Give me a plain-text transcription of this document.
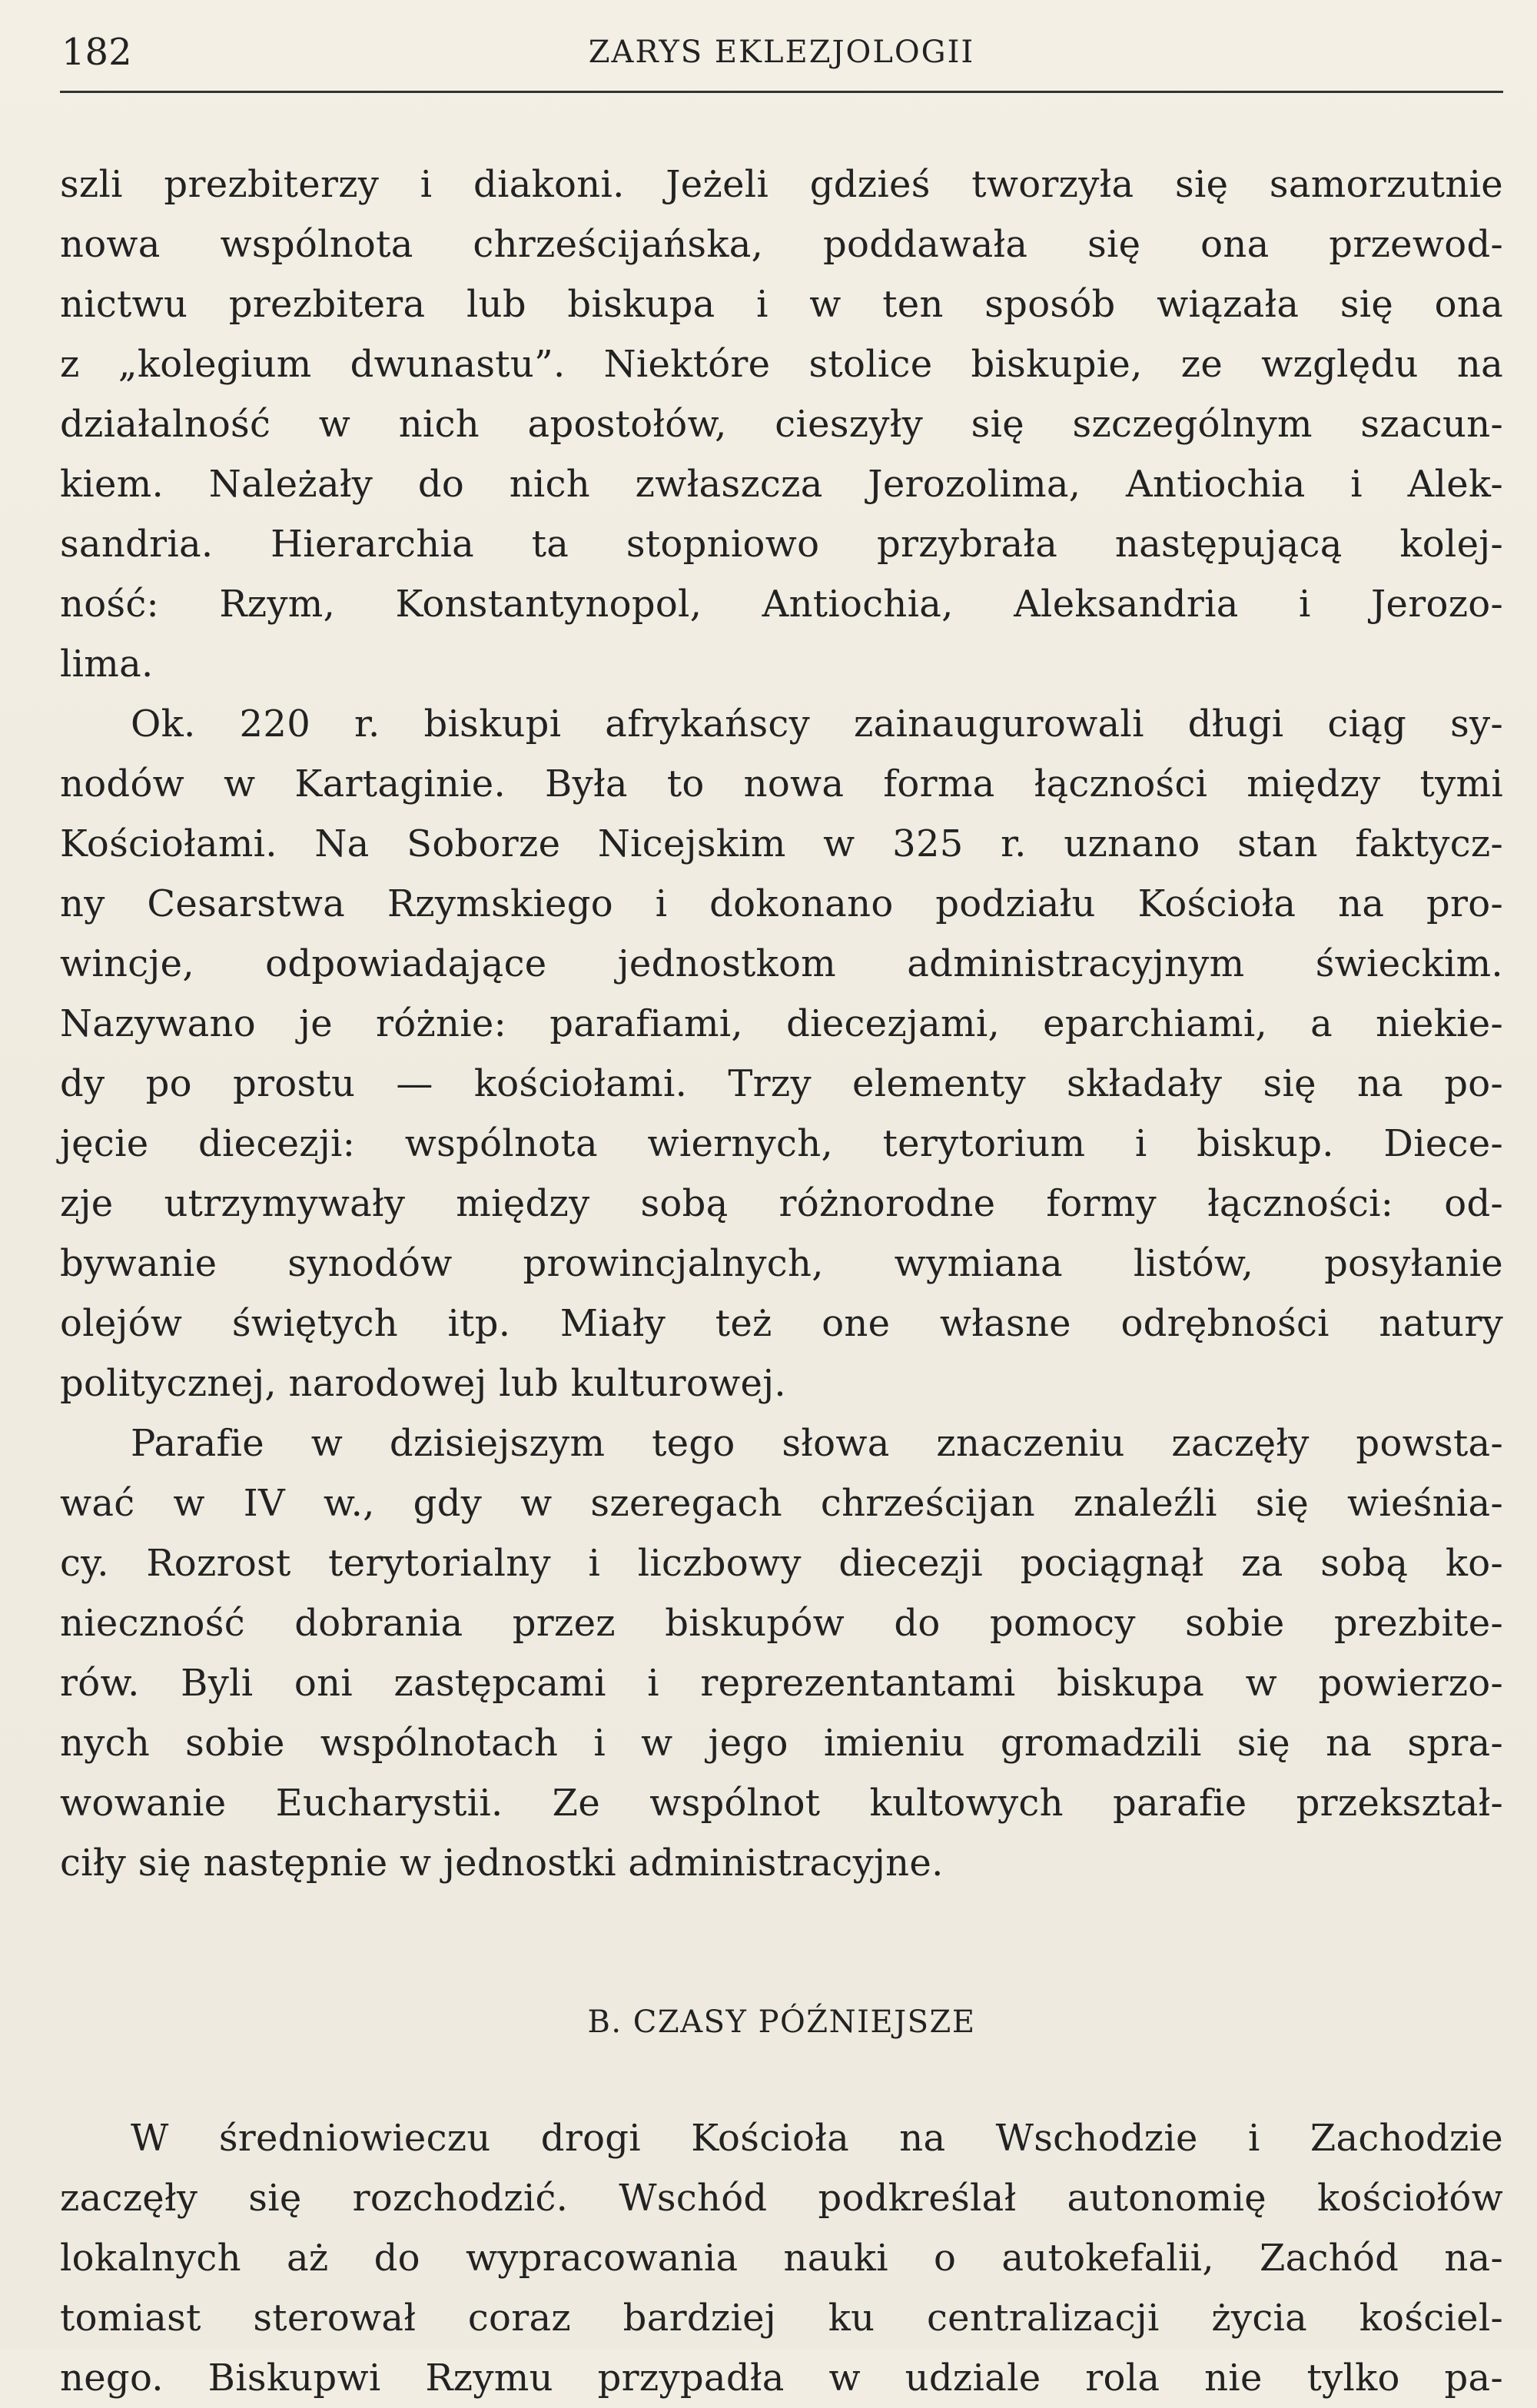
182	ZARYS EKLEZJOLOGII

szli prezbiterzy i diakoni. Jeżeli gdzieś tworzyła się samorzutnie

nowa wspólnota chrześcijańska, poddawała się ona przewod-

nictwu prezbitera lub biskupa i w ten sposób wiązała się ona

z „kolegium dwunastu”. Niektóre stolice biskupie, ze względu na

działalność w nich apostołów, cieszyły się szczególnym szacun-

kiem. Należały do nich zwłaszcza Jerozolima, Antiochia i Alek-

sandria. Hierarchia ta stopniowo przybrała następującą kolej-

ność: Rzym, Konstantynopol, Antiochia, Aleksandria i Jerozo-

lima.

Ok. 220 r. biskupi afrykańscy zainaugurowali długi ciąg sy-

nodów w Kartaginie. Była to nowa forma łączności między tymi

Kościołami. Na Soborze Nicejskim w 325 r. uznano stan faktycz-

ny Cesarstwa Rzymskiego i dokonano podziału Kościoła na pro-

wincje, odpowiadające jednostkom administracyjnym świeckim.

Nazywano je różnie: parafiami, diecezjami, eparchiami, a niekie-

dy po prostu — kościołami. Trzy elementy składały się na po-

jęcie diecezji: wspólnota wiernych, terytorium i biskup. Diece-

zje utrzymywały między sobą różnorodne formy łączności: od-

bywanie synodów prowincjalnych, wymiana listów, posyłanie

olejów świętych itp. Miały też one własne odrębności natury

politycznej, narodowej lub kulturowej.

Parafie w dzisiejszym tego słowa znaczeniu zaczęły powsta-

wać w IV w., gdy w szeregach chrześcijan znaleźli się wieśnia-

cy. Rozrost terytorialny i liczbowy diecezji pociągnął za sobą ko-

nieczność dobrania przez biskupów do pomocy sobie prezbite-

rów. Byli oni zastępcami i reprezentantami biskupa w powierzo-

nych sobie wspólnotach i w jego imieniu gromadzili się na spra-

wowanie Eucharystii. Ze wspólnot kultowych parafie przekształ-

ciły się następnie w jednostki administracyjne.

B. CZASY PÓŹNIEJSZE

W średniowieczu drogi Kościoła na Wschodzie i Zachodzie

zaczęły się rozchodzić. Wschód podkreślał autonomię kościołów

lokalnych aż do wypracowania nauki o autokefalii, Zachód na-

tomiast sterował coraz bardziej ku centralizacji życia kościel-

nego. Biskupwi Rzymu przypadła w udziale rola nie tylko pa-
